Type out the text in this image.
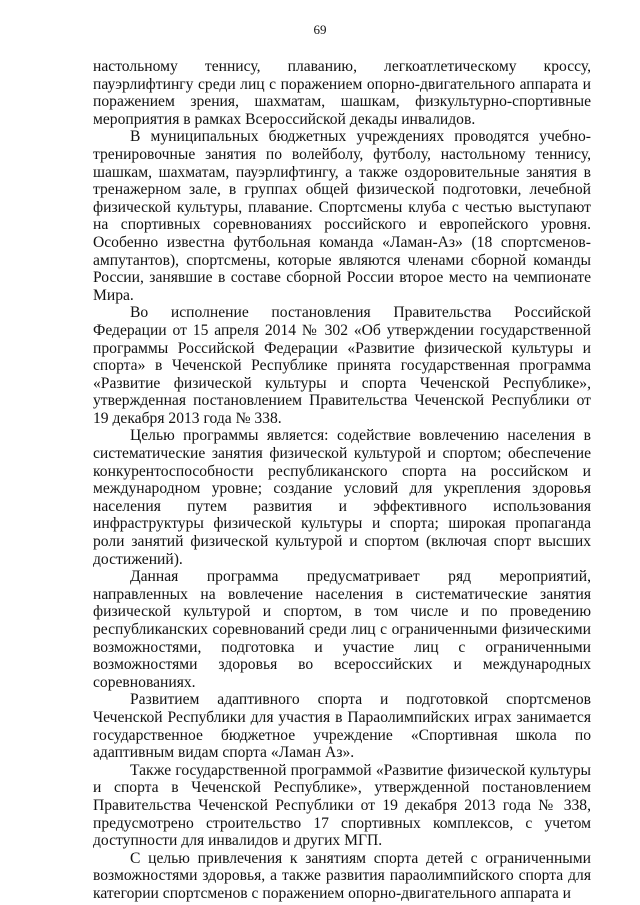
69

настольному теннису, плаванию, легкоатлетическому кроссу, пауэрлифтингу среди лиц с поражением опорно-двигательного аппарата и поражением зрения, шахматам, шашкам, физкультурно-спортивные мероприятия в рамках Всероссийской декады инвалидов.

В муниципальных бюджетных учреждениях проводятся учебно-тренировочные занятия по волейболу, футболу, настольному теннису, шашкам, шахматам, пауэрлифтингу, а также оздоровительные занятия в тренажерном зале, в группах общей физической подготовки, лечебной физической культуры, плавание. Спортсмены клуба с честью выступают на спортивных соревнованиях российского и европейского уровня. Особенно известна футбольная команда «Ламан-Аз» (18 спортсменов-ампутантов), спортсмены, которые являются членами сборной команды России, занявшие в составе сборной России второе место на чемпионате Мира.

Во исполнение постановления Правительства Российской Федерации от 15 апреля 2014 № 302 «Об утверждении государственной программы Российской Федерации «Развитие физической культуры и спорта» в Чеченской Республике принята государственная программа «Развитие физической культуры и спорта Чеченской Республике», утвержденная постановлением Правительства Чеченской Республики от 19 декабря 2013 года № 338.

Целью программы является: содействие вовлечению населения в систематические занятия физической культурой и спортом; обеспечение конкурентоспособности республиканского спорта на российском и международном уровне; создание условий для укрепления здоровья населения путем развития и эффективного использования инфраструктуры физической культуры и спорта; широкая пропаганда роли занятий физической культурой и спортом (включая спорт высших достижений).

Данная программа предусматривает ряд мероприятий, направленных на вовлечение населения в систематические занятия физической культурой и спортом, в том числе и по проведению республиканских соревнований среди лиц с ограниченными физическими возможностями, подготовка и участие лиц с ограниченными возможностями здоровья во всероссийских и международных соревнованиях.

Развитием адаптивного спорта и подготовкой спортсменов Чеченской Республики для участия в Параолимпийских играх занимается государственное бюджетное учреждение «Спортивная школа по адаптивным видам спорта «Ламан Аз».

Также государственной программой «Развитие физической культуры и спорта в Чеченской Республике», утвержденной постановлением Правительства Чеченской Республики от 19 декабря 2013 года № 338, предусмотрено строительство 17 спортивных комплексов, с учетом доступности для инвалидов и других МГП.

С целью привлечения к занятиям спорта детей с ограниченными возможностями здоровья, а также развития параолимпийского спорта для категории спортсменов с поражением опорно-двигательного аппарата и
